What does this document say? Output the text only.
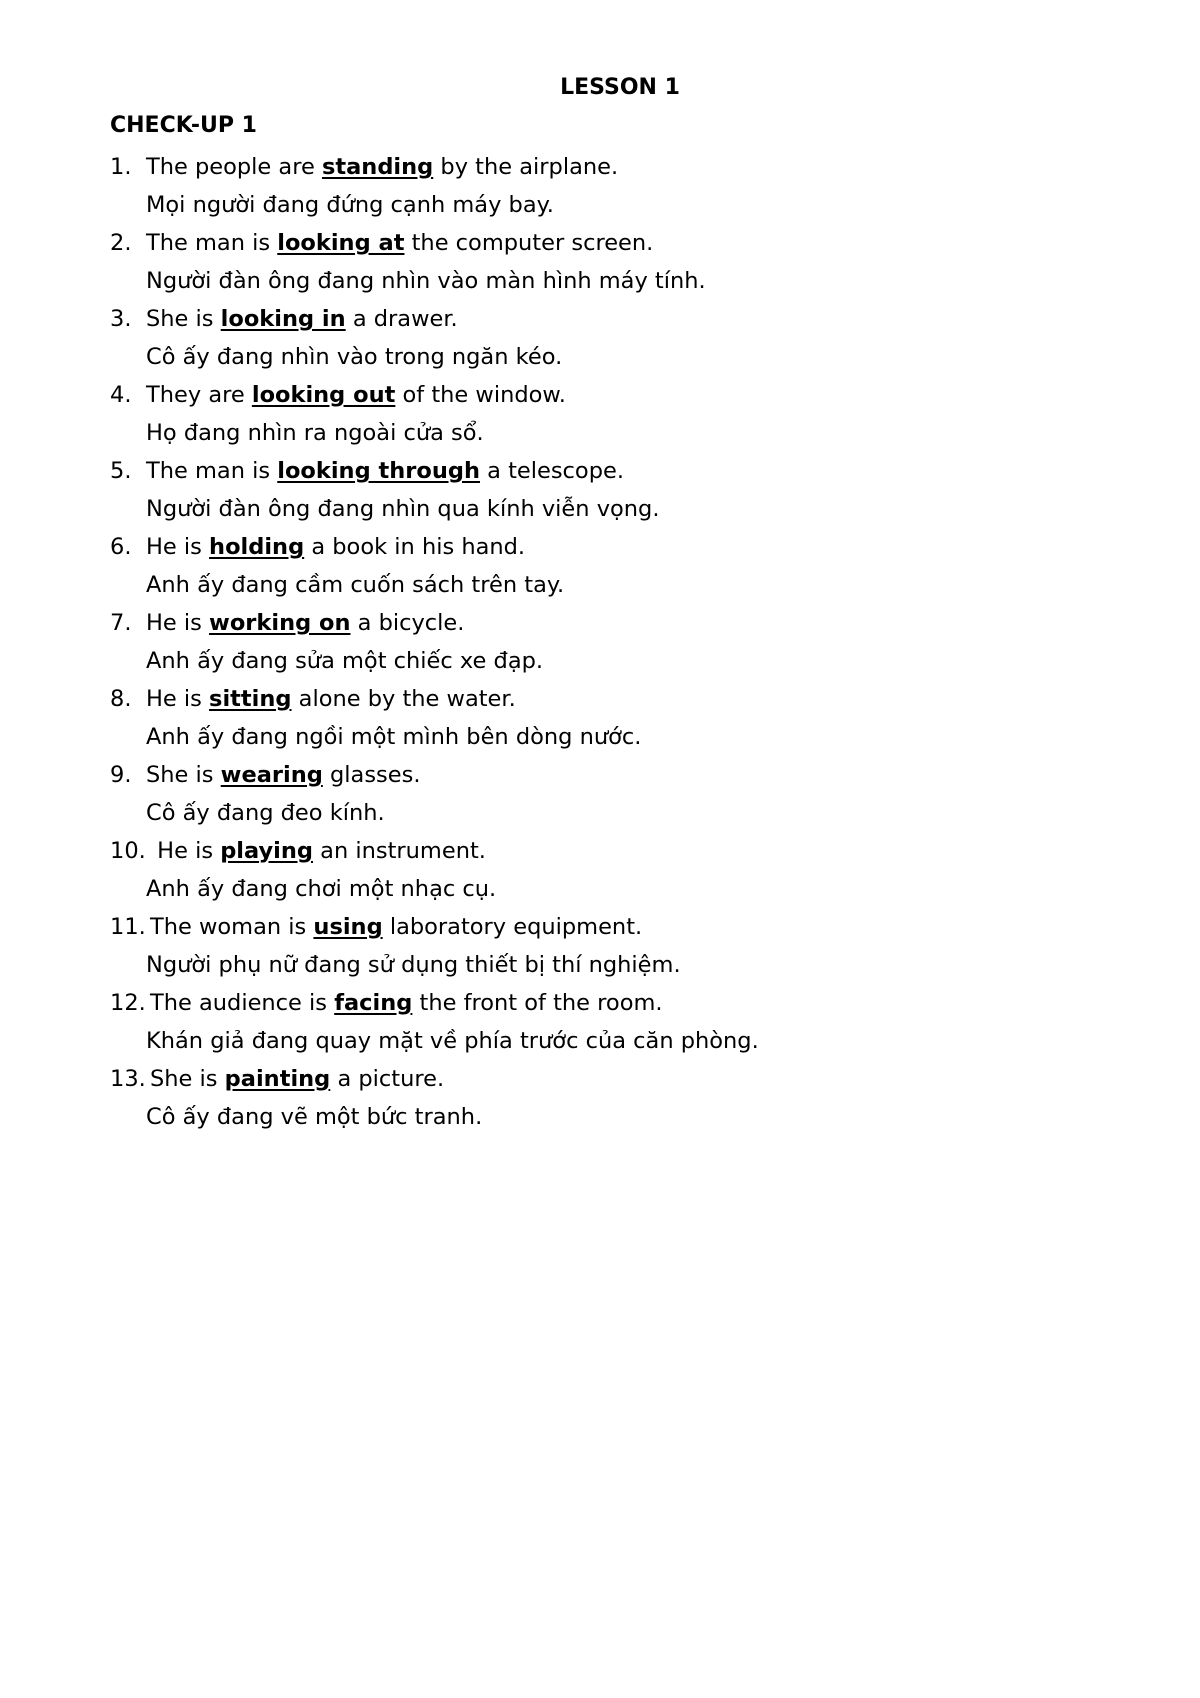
LESSON 1
CHECK-UP 1
1. The people are standing by the airplane.
Mọi người đang đứng cạnh máy bay.
2. The man is looking at the computer screen.
Người đàn ông đang nhìn vào màn hình máy tính.
3. She is looking in a drawer.
Cô ấy đang nhìn vào trong ngăn kéo.
4. They are looking out of the window.
Họ đang nhìn ra ngoài cửa sổ.
5. The man is looking through a telescope.
Người đàn ông đang nhìn qua kính viễn vọng.
6. He is holding a book in his hand.
Anh ấy đang cầm cuốn sách trên tay.
7. He is working on a bicycle.
Anh ấy đang sửa một chiếc xe đạp.
8. He is sitting alone by the water.
Anh ấy đang ngồi một mình bên dòng nước.
9. She is wearing glasses.
Cô ấy đang đeo kính.
10. He is playing an instrument.
Anh ấy đang chơi một nhạc cụ.
11. The woman is using laboratory equipment.
Người phụ nữ đang sử dụng thiết bị thí nghiệm.
12. The audience is facing the front of the room.
Khán giả đang quay mặt về phía trước của căn phòng.
13. She is painting a picture.
Cô ấy đang vẽ một bức tranh.
